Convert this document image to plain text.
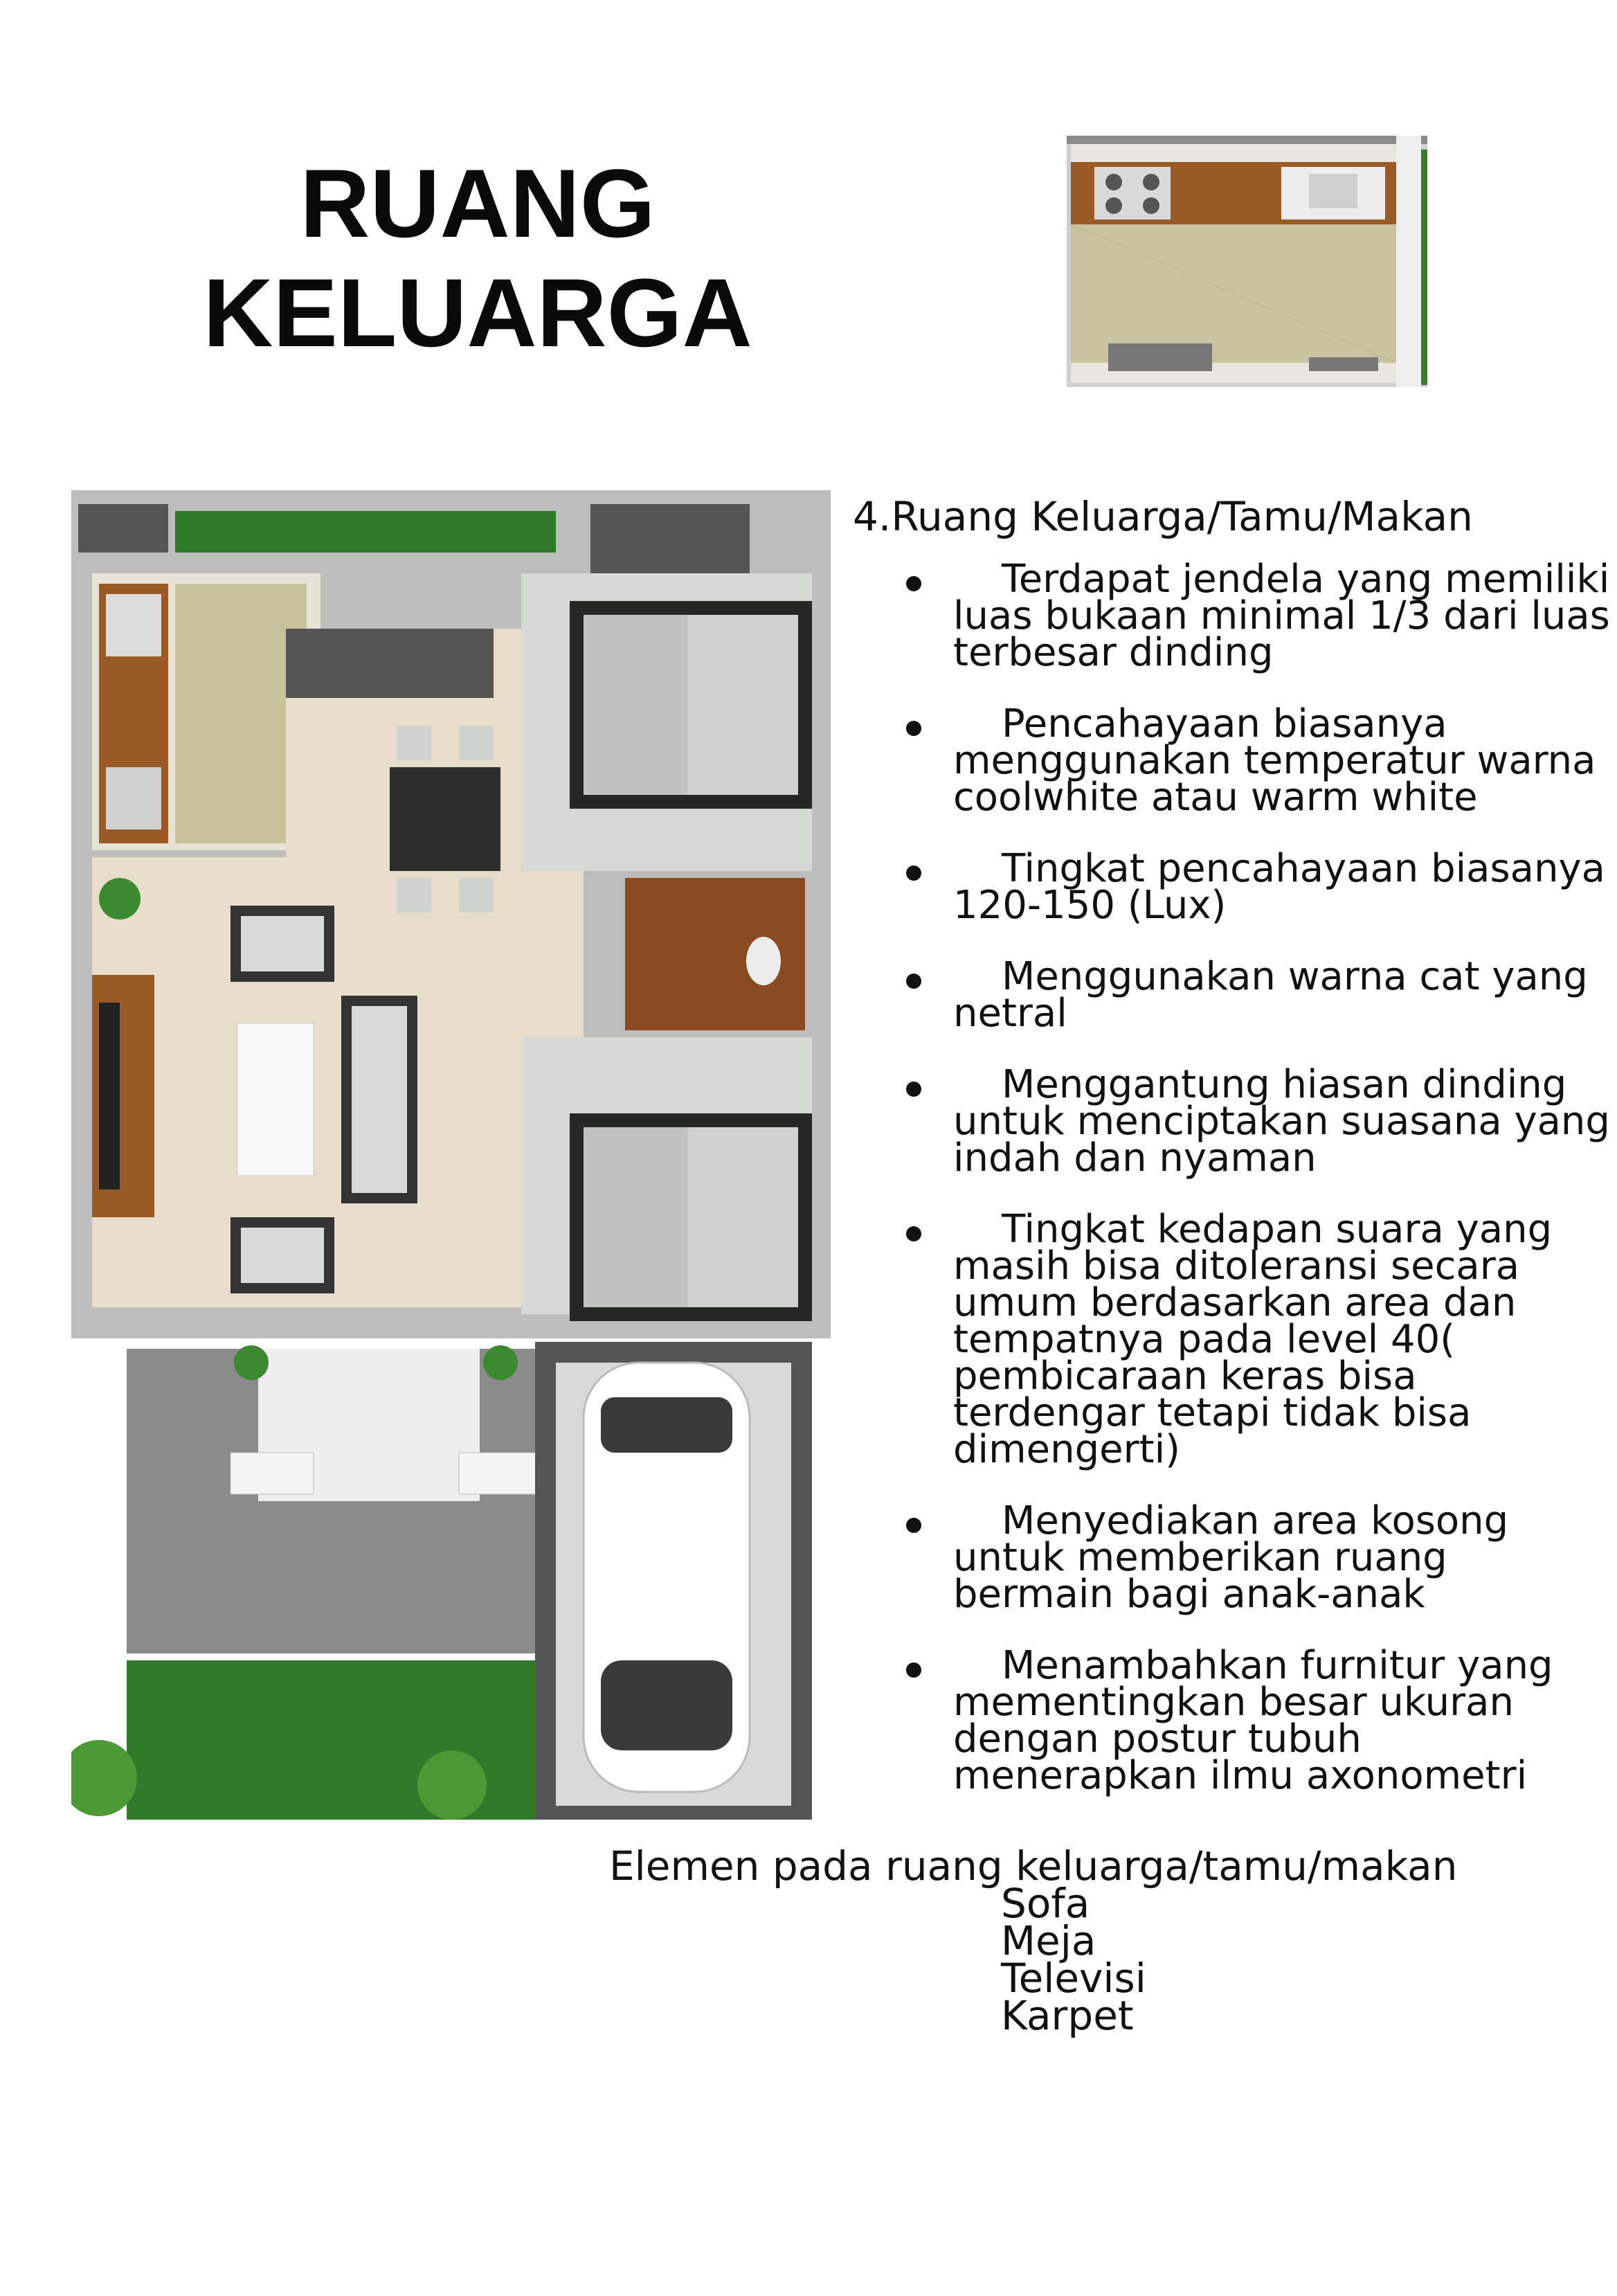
RUANG
KELUARGA
4.Ruang Keluarga/Tamu/Makan
Terdapat jendela yang memiliki luas bukaan minimal 1/3 dari luas terbesar dinding
Pencahayaan biasanya menggunakan temperatur warna coolwhite atau warm white
Tingkat pencahayaan biasanya 120-150 (Lux)
Menggunakan warna cat yang netral
Menggantung hiasan dinding untuk menciptakan suasana yang indah dan nyaman
Tingkat kedapan suara yang masih bisa ditoleransi secara umum berdasarkan area dan tempatnya pada level 40( pembicaraan keras bisa terdengar tetapi tidak bisa dimengerti)
Menyediakan area kosong untuk memberikan ruang bermain bagi anak-anak
Menambahkan furnitur yang mementingkan besar ukuran dengan postur tubuh menerapkan ilmu axonometri
Elemen pada ruang keluarga/tamu/makan
Sofa
Meja
Televisi
Karpet
